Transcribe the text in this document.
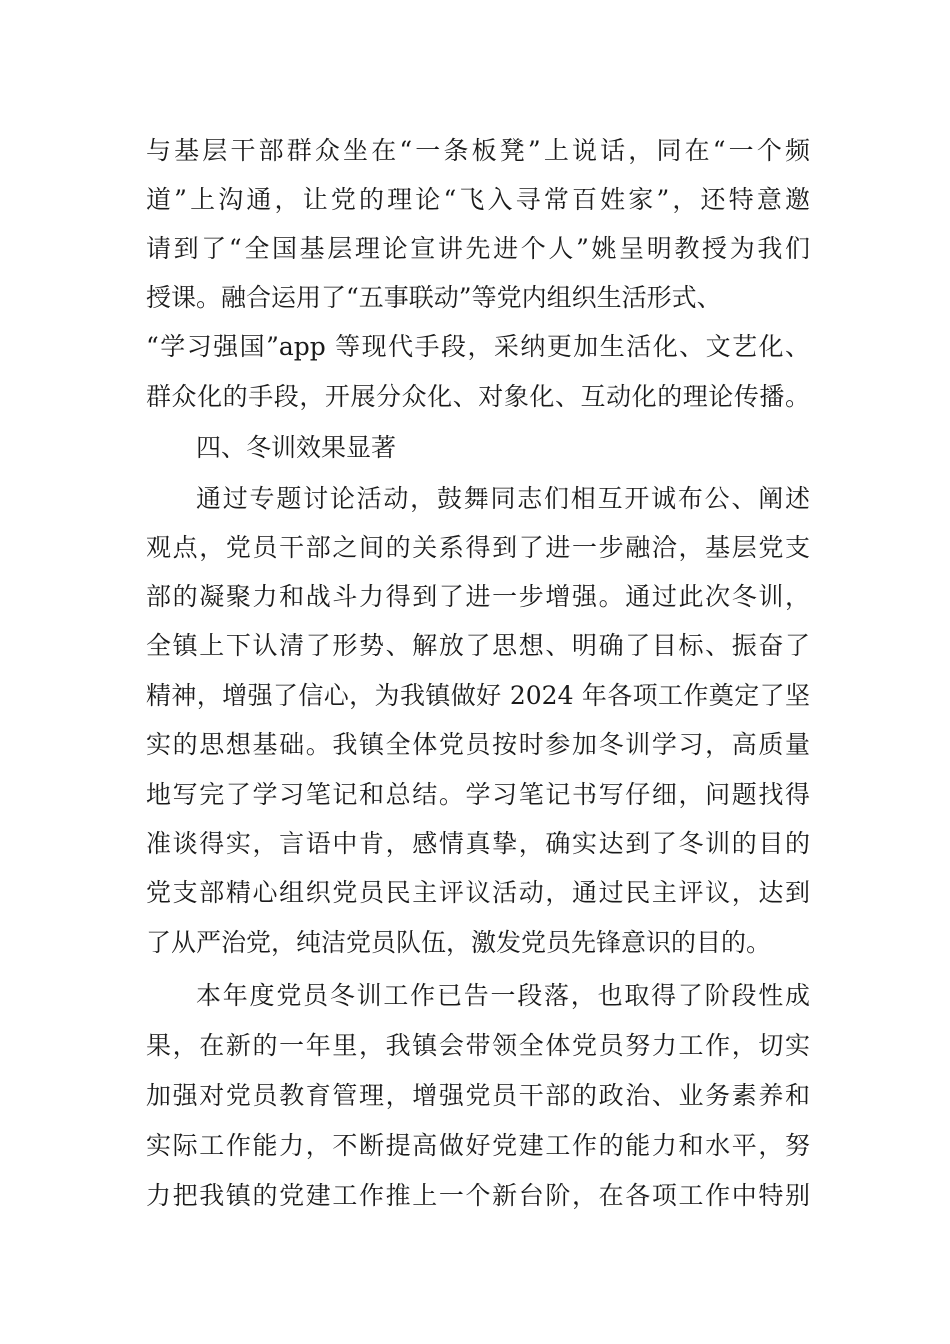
与基层干部群众坐在“一条板凳”上说话，同在“一个频
道”上沟通，让党的理论“飞入寻常百姓家”，还特意邀
请到了“全国基层理论宣讲先进个人”姚呈明教授为我们
授课。融合运用了“五事联动”等党内组织生活形式、
“学习强国”app 等现代手段，采纳更加生活化、文艺化、
群众化的手段，开展分众化、对象化、互动化的理论传播。
四、冬训效果显著
通过专题讨论活动，鼓舞同志们相互开诚布公、阐述
观点，党员干部之间的关系得到了进一步融洽，基层党支
部的凝聚力和战斗力得到了进一步增强。通过此次冬训，
全镇上下认清了形势、解放了思想、明确了目标、振奋了
精神，增强了信心，为我镇做好 2024 年各项工作奠定了坚
实的思想基础。我镇全体党员按时参加冬训学习，高质量
地写完了学习笔记和总结。学习笔记书写仔细，问题找得
准谈得实，言语中肯，感情真挚，确实达到了冬训的目的
党支部精心组织党员民主评议活动，通过民主评议，达到
了从严治党，纯洁党员队伍，激发党员先锋意识的目的。
本年度党员冬训工作已告一段落，也取得了阶段性成
果，在新的一年里，我镇会带领全体党员努力工作，切实
加强对党员教育管理，增强党员干部的政治、业务素养和
实际工作能力，不断提高做好党建工作的能力和水平，努
力把我镇的党建工作推上一个新台阶，在各项工作中特别
